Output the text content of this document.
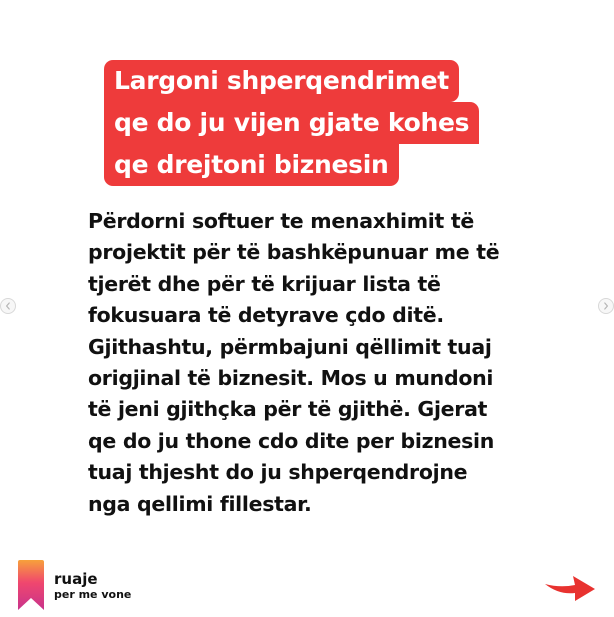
Largoni shperqendrimet
qe do ju vijen gjate kohes
qe drejtoni biznesin
Përdorni softuer te menaxhimit të
projektit për të bashkëpunuar me të
tjerët dhe për të krijuar lista të
fokusuara të detyrave çdo ditë.
Gjithashtu, përmbajuni qëllimit tuaj
origjinal të biznesit. Mos u mundoni
të jeni gjithçka për të gjithë. Gjerat
qe do ju thone cdo dite per biznesin
tuaj thjesht do ju shperqendrojne
nga qellimi fillestar.
ruaje
per me vone
